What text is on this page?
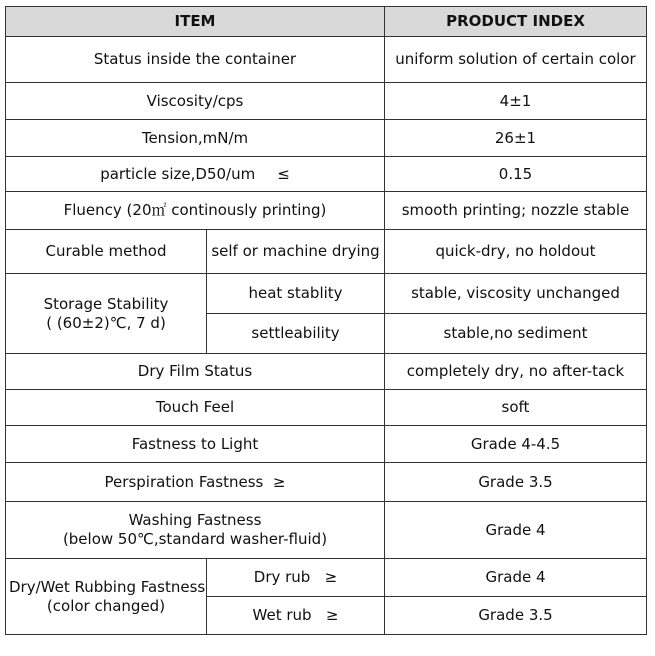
ITEM		PRODUCT INDEX
Status inside the container		uniform solution of certain color
Viscosity/cps		4±1
Tension,mN/m		26±1
particle size,D50/um ≤		0.15
Fluency (20㎡ continously printing)		smooth printing; nozzle stable
Curable method	self or machine drying	quick-dry, no holdout

Storage Stability
( (60±2)℃, 7 d)	heat stablity	stable, viscosity unchanged
	settleability	stable,no sediment
Dry Film Status		completely dry, no after-tack
Touch Feel		soft
Fastness to Light		Grade 4-4.5
Perspiration Fastness ≥		Grade 3.5

Washing Fastness
(below 50℃,standard washer-fluid)		Grade 4

Dry/Wet Rubbing Fastness
(color changed)	Dry rub ≥	Grade 4
	Wet rub ≥	Grade 3.5
